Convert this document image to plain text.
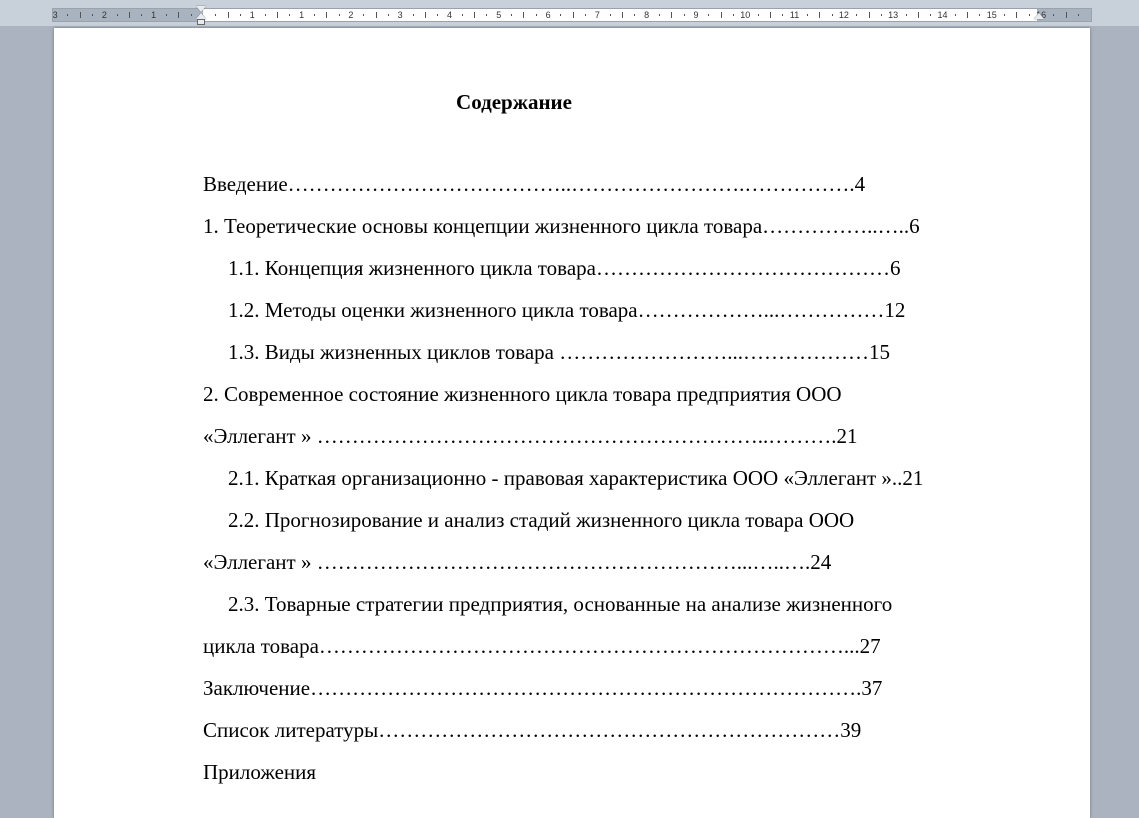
3	2	1	1	1	2	3	4	5	6	7	8	9	10	11	12	13	14	15	16
Содержание
Введение…………………………………..…………………….…………….4
1. Теоретические основы концепции жизненного цикла товара……………..…..6
1.1. Концепция жизненного цикла товара……………………………………6
1.2. Методы оценки жизненного цикла товара………………...……………12
1.3. Виды жизненных циклов товара ……………………...………………15
2. Современное состояние жизненного цикла товара предприятия ООО
«Эллегант » ………………………………………………………..……….21
2.1. Краткая организационно - правовая характеристика ООО «Эллегант »..21
2.2. Прогнозирование и анализ стадий жизненного цикла товара ООО
«Эллегант » ……………………………………………………...…..….24
2.3. Товарные стратегии предприятия, основанные на анализе жизненного
цикла товара…………………………………………………………………...27
Заключение…………………………………………………………………….37
Список литературы…………………………………………………………39
Приложения
